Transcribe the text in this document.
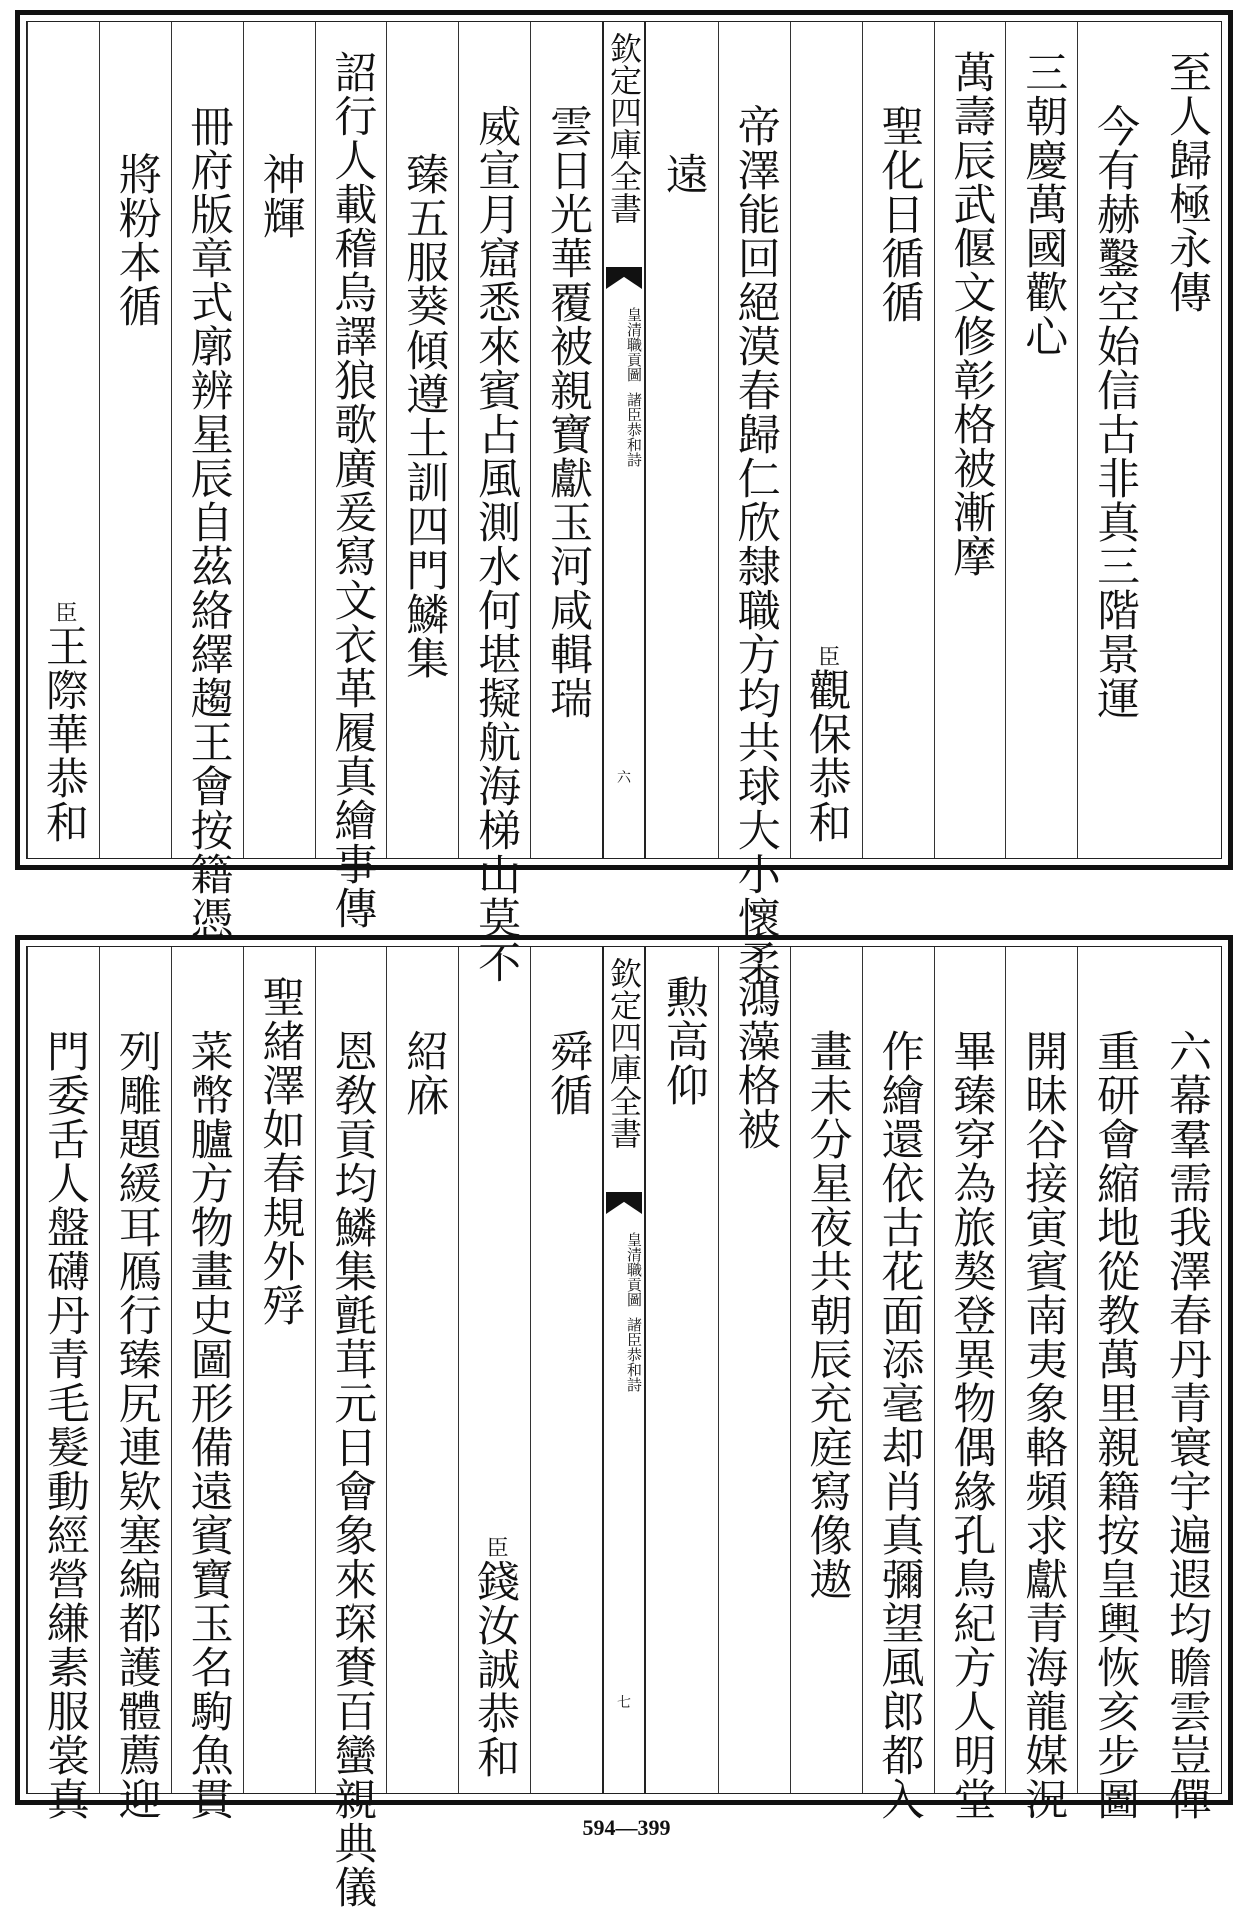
至人歸極永傳
今有赫鑿空始信古非真三階景運
三朝慶萬國歡心
萬壽辰武偃文修彰格被漸摩
聖化日循循
臣觀保恭和
帝澤能回絕漠春歸仁欣隸職方均共球大小懷柔
遠
雲日光華覆被親寶獻玉河咸輯瑞
威宣月窟悉來賓占風測水何堪擬航海梯山莫不
臻五服葵傾遵土訓四門鱗集
詔行人載稽烏譯狼歌廣爰寫文衣革履真繪事傳
神輝
冊府版章式廓辨星辰自茲絡繹趨王會按籍憑
將粉本循
臣王際華恭和
欽定四庫全書
皇清職貢圖
諸臣恭和詩
六
六幕羣需我澤春丹青寰宇遍遐均瞻雲豈僤
重研會縮地從教萬里親籍按皇輿恢亥步圖
開昧谷接寅賓南夷象輅頻求獻青海龍媒況
畢臻穿為旅獒登異物偶緣孔鳥紀方人明堂
作繪還依古花面添毫却肖真彌望風郎都入
畫未分星夜共朝辰充庭寫像遨
鴻藻格被
勲高仰
舜循
臣錢汝誠恭和
紹庥
恩敎貢均鱗集氈茸元日會象來琛賚百蠻親典儀
聖緒澤如春規外殍
菜幣臚方物畫史圖形備遠賓寶玉名駒魚貫
列雕題緩耳鴈行臻尻連欵塞編都護體薦迎
門委舌人盤礴丹青毛髮動經營縑素服裳真	欽定四庫全書
皇清職貢圖
諸臣恭和詩
七
594—399
